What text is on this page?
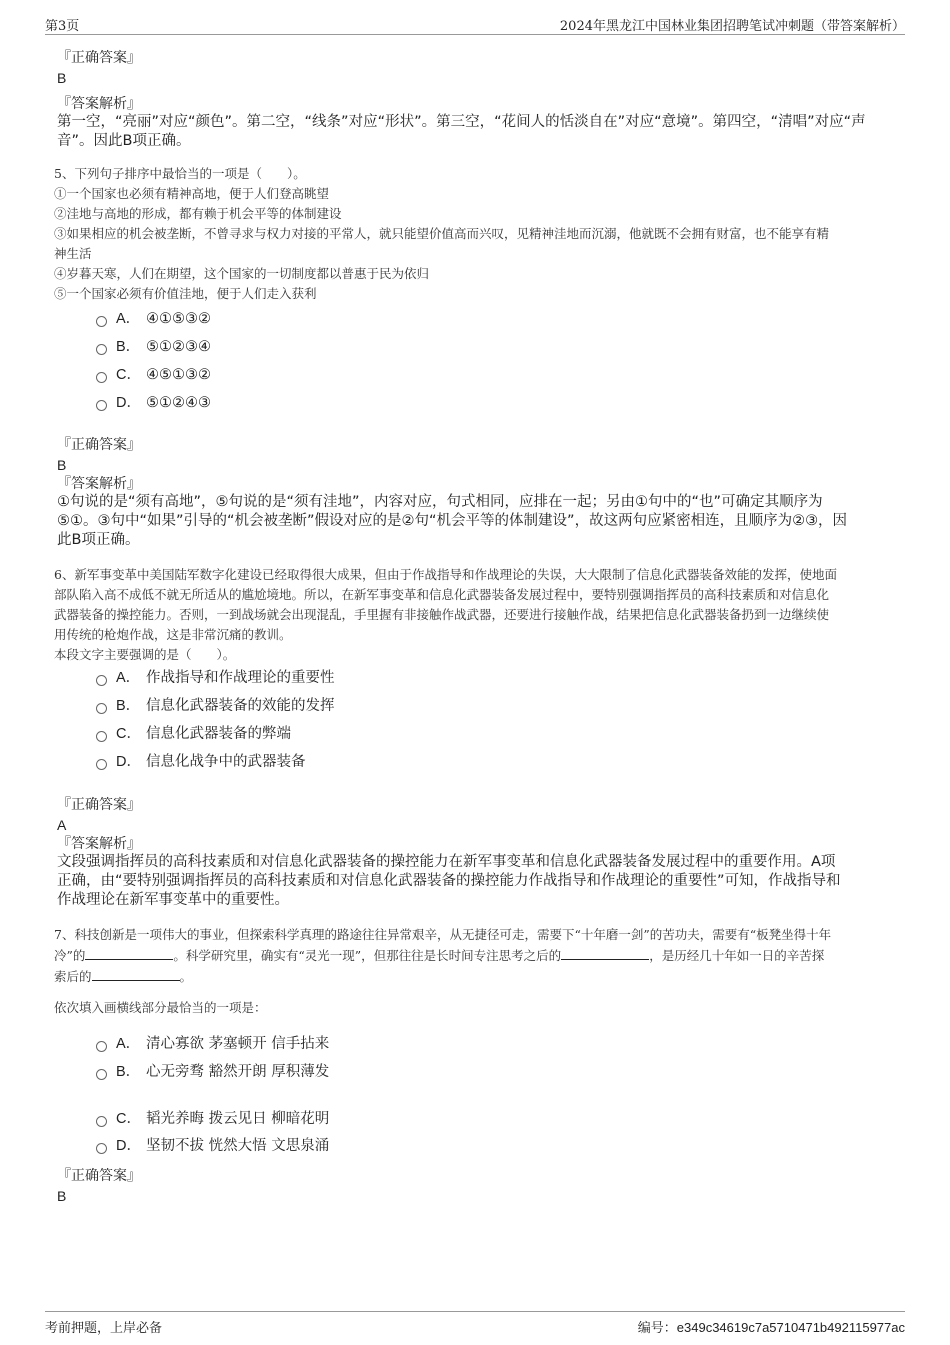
第3页	2024年黑龙江中国林业集团招聘笔试冲刺题（带答案解析）
『正确答案』
B
『答案解析』
第一空，“亮丽”对应“颜色”。第二空，“线条”对应“形状”。第三空，“花间人的恬淡自在”对应“意境”。第四空，“清唱”对应“声
音”。因此B项正确。

5、下列句子排序中最恰当的一项是（　　）。

①一个国家也必须有精神高地，便于人们登高眺望

②洼地与高地的形成，都有赖于机会平等的体制建设

③如果相应的机会被垄断，不曾寻求与权力对接的平常人，就只能望价值高而兴叹，见精神洼地而沉溺，他就既不会拥有财富，也不能享有精

神生活

④岁暮天寒，人们在期望，这个国家的一切制度都以普惠于民为依归

⑤一个国家必须有价值洼地，便于人们走入获利

A． ④①⑤③②
B． ⑤①②③④
C． ④⑤①③②
D． ⑤①②④③
『正确答案』
B
『答案解析』
①句说的是“须有高地”，⑤句说的是“须有洼地”，内容对应，句式相同，应排在一起；另由①句中的“也”可确定其顺序为
⑤①。③句中“如果”引导的“机会被垄断”假设对应的是②句“机会平等的体制建设”，故这两句应紧密相连，且顺序为②③，因
此B项正确。

6、新军事变革中美国陆军数字化建设已经取得很大成果，但由于作战指导和作战理论的失误，大大限制了信息化武器装备效能的发挥，使地面

部队陷入高不成低不就无所适从的尴尬境地。所以，在新军事变革和信息化武器装备发展过程中，要特别强调指挥员的高科技素质和对信息化

武器装备的操控能力。否则，一到战场就会出现混乱，手里握有非接触作战武器，还要进行接触作战，结果把信息化武器装备扔到一边继续使

用传统的枪炮作战，这是非常沉痛的教训。

本段文字主要强调的是（　　）。

A． 作战指导和作战理论的重要性
B． 信息化武器装备的效能的发挥
C． 信息化武器装备的弊端
D． 信息化战争中的武器装备
『正确答案』
A
『答案解析』
文段强调指挥员的高科技素质和对信息化武器装备的操控能力在新军事变革和信息化武器装备发展过程中的重要作用。A项
正确，由“要特别强调指挥员的高科技素质和对信息化武器装备的操控能力作战指导和作战理论的重要性”可知，作战指导和
作战理论在新军事变革中的重要性。

7、科技创新是一项伟大的事业，但探索科学真理的路途往往异常艰辛，从无捷径可走，需要下“十年磨一剑”的苦功夫，需要有“板凳坐得十年

冷”的	。科学研究里，确实有“灵光一现”，但那往往是长时间专注思考之后的	，是历经几十年如一日的辛苦探

索后的	。

依次填入画横线部分最恰当的一项是：
A． 清心寡欲 茅塞顿开 信手拈来
B． 心无旁骛 豁然开朗 厚积薄发
C． 韬光养晦 拨云见日 柳暗花明
D． 坚韧不拔 恍然大悟 文思泉涌
『正确答案』
B
考前押题，上岸必备	编号：e349c34619c7a5710471b492115977ac
